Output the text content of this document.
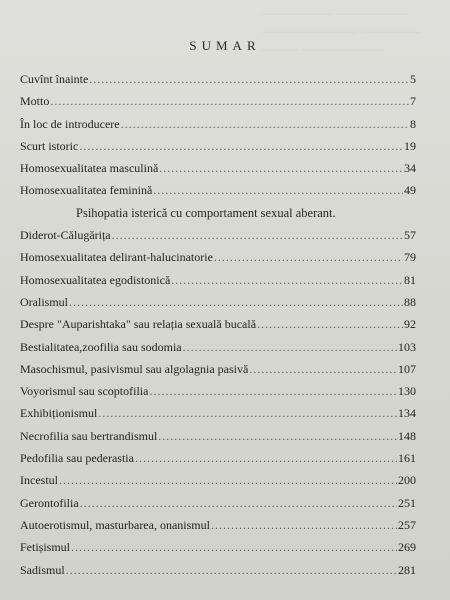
—————— ——————
————— ————————
——————— ———
SUMAR
Cuvînt înainte .....	5
Motto .....	7
În loc de introducere .....	8
Scurt istoric .....	19
Homosexualitatea masculină .....	34
Homosexualitatea feminină .....	49
Psihopatia isterică cu comportament sexual aberant.
Diderot-Călugărița .....	57
Homosexualitatea delirant-halucinatorie .....	79
Homosexualitatea egodistonică .....	81
Oralismul .....	88
Despre "Auparishtaka" sau relația sexuală bucală .....	92
Bestialitatea,zoofilia sau sodomia .....	103
Masochismul, pasivismul sau algolagnia pasivă .....	107
Voyorismul sau scoptofilia .....	130
Exhibiționismul .....	134
Necrofilia sau bertrandismul .....	148
Pedofilia sau pederastia .....	161
Incestul .....	200
Gerontofilia .....	251
Autoerotismul, masturbarea, onanismul .....	257
Fetișismul .....	269
Sadismul .....	281
